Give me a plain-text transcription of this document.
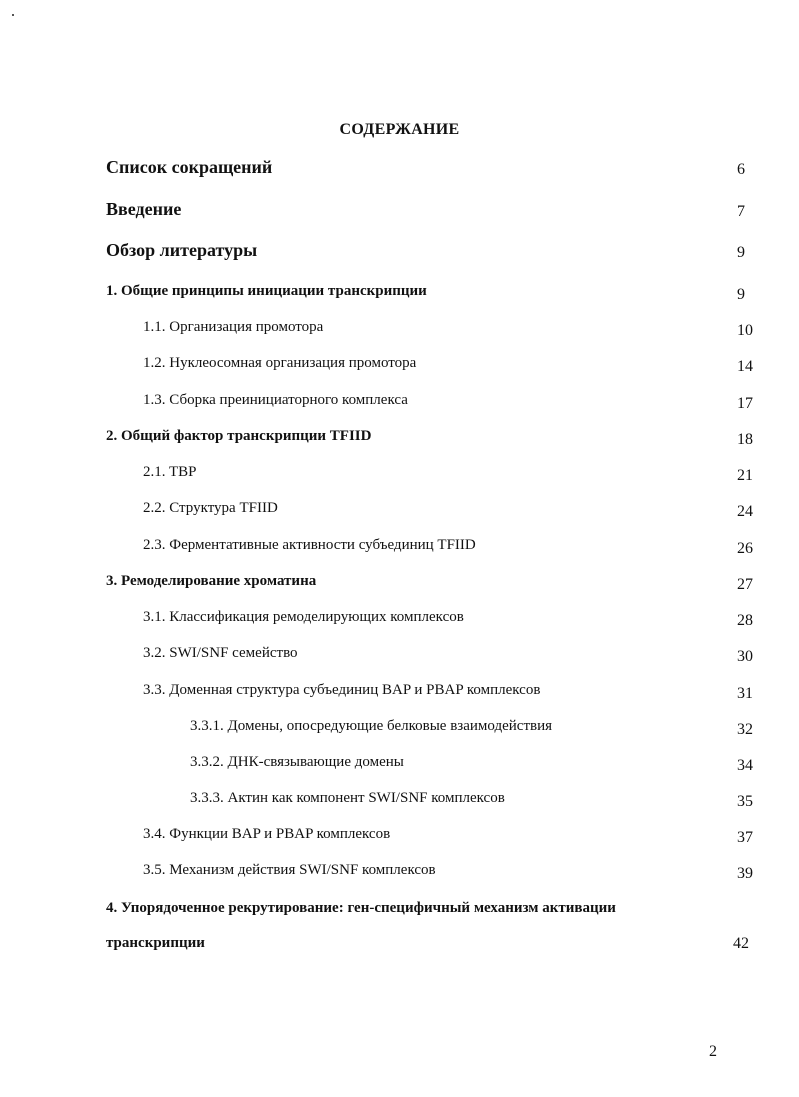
СОДЕРЖАНИЕ
Список сокращений	6
Введение	7
Обзор литературы	9
1. Общие принципы инициации транскрипции	9
1.1. Организация промотора	10
1.2. Нуклеосомная организация промотора	14
1.3. Сборка преинициаторного комплекса	17
2. Общий фактор транскрипции TFIID	18
2.1. TBP	21
2.2. Структура TFIID	24
2.3. Ферментативные активности субъединиц TFIID	26
3. Ремоделирование хроматина	27
3.1. Классификация ремоделирующих комплексов	28
3.2. SWI/SNF семейство	30
3.3. Доменная структура субъединиц BAP и PBAP комплексов	31
3.3.1. Домены, опосредующие белковые взаимодействия	32
3.3.2. ДНК-связывающие домены	34
3.3.3. Актин как компонент SWI/SNF комплексов	35
3.4. Функции BAP и PBAP комплексов	37
3.5. Механизм действия SWI/SNF комплексов	39
4. Упорядоченное рекрутирование: ген-специфичный механизм активации
транскрипции	42
2
